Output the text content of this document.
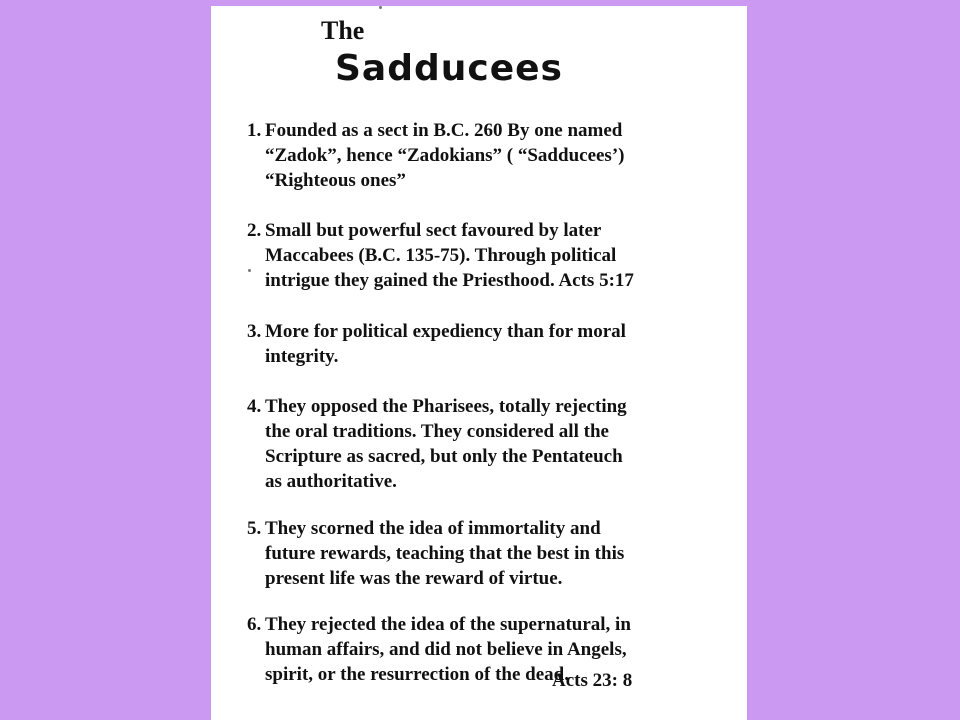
The
Sadducees
1. Founded as a sect in B.C. 260 By one named
“Zadok”, hence “Zadokians” ( “Sadducees’)
“Righteous ones”
2. Small but powerful sect favoured by later
Maccabees (B.C. 135-75). Through political
intrigue they gained the Priesthood. Acts 5:17
3. More for political expediency than for moral
integrity.
4. They opposed the Pharisees, totally rejecting
the oral traditions. They considered all the
Scripture as sacred, but only the Pentateuch
as authoritative.
5. They scorned the idea of immortality and
future rewards, teaching that the best in this
present life was the reward of virtue.
6. They rejected the idea of the supernatural, in
human affairs, and did not believe in Angels,
spirit, or the resurrection of the dead.
Acts 23: 8
